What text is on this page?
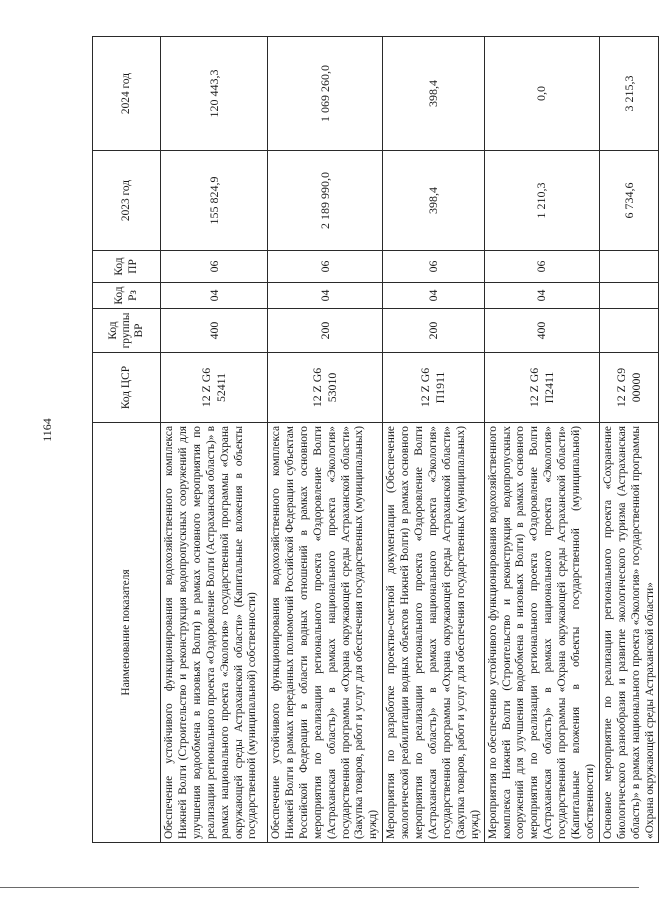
1164
Наименование показателя	Код ЦСР	Код группы ВР	Код Рз	Код ПР	2023 год	2024 год
Обеспечение устойчивого функционирования водохозяйственного комплекса Нижней Волги (Строительство и реконструкция водопропускных сооружений для улучшения водообмена в низовьях Волги) в рамках основного мероприятия по реализации регионального проекта «Оздоровление Волги (Астраханская область)» в рамках национального проекта «Экология» государственной программы «Охрана окружающей среды Астраханской области» (Капитальные вложения в объекты государственной (муниципальной) собственности)	12 Z G6 52411	400	04	06	155 824,9	120 443,3
Обеспечение устойчивого функционирования водохозяйственного комплекса Нижней Волги в рамках переданных полномочий Российской Федерации субъектам Российской Федерации в области водных отношений в рамках основного мероприятия по реализации регионального проекта «Оздоровление Волги (Астраханская область)» в рамках национального проекта «Экология» государственной программы «Охрана окружающей среды Астраханской области» (Закупка товаров, работ и услуг для обеспечения государственных (муниципальных) нужд)	12 Z G6 53010	200	04	06	2 189 990,0	1 069 260,0
Мероприятия по разработке проектно-сметной документации (Обеспечение экологической реабилитации водных объектов Нижней Волги) в рамках основного мероприятия по реализации регионального проекта «Оздоровление Волги (Астраханская область)» в рамках национального проекта «Экология» государственной программы «Охрана окружающей среды Астраханской области» (Закупка товаров, работ и услуг для обеспечения государственных (муниципальных) нужд)	12 Z G6 П1911	200	04	06	398,4	398,4
Мероприятия по обеспечению устойчивого функционирования водохозяйственного комплекса Нижней Волги (Строительство и реконструкция водопропускных сооружений для улучшения водообмена в низовьях Волги) в рамках основного мероприятия по реализации регионального проекта «Оздоровление Волги (Астраханская область)» в рамках национального проекта «Экология» государственной программы «Охрана окружающей среды Астраханской области» (Капитальные вложения в объекты государственной (муниципальной) собственности)	12 Z G6 П2411	400	04	06	1 210,3	0,0
Основное мероприятие по реализации регионального проекта «Сохранение биологического разнообразия и развитие экологического туризма (Астраханская область)» в рамках национального проекта «Экология» государственной программы «Охрана окружающей среды Астраханской области»	12 Z G9 00000				6 734,6	3 215,3
